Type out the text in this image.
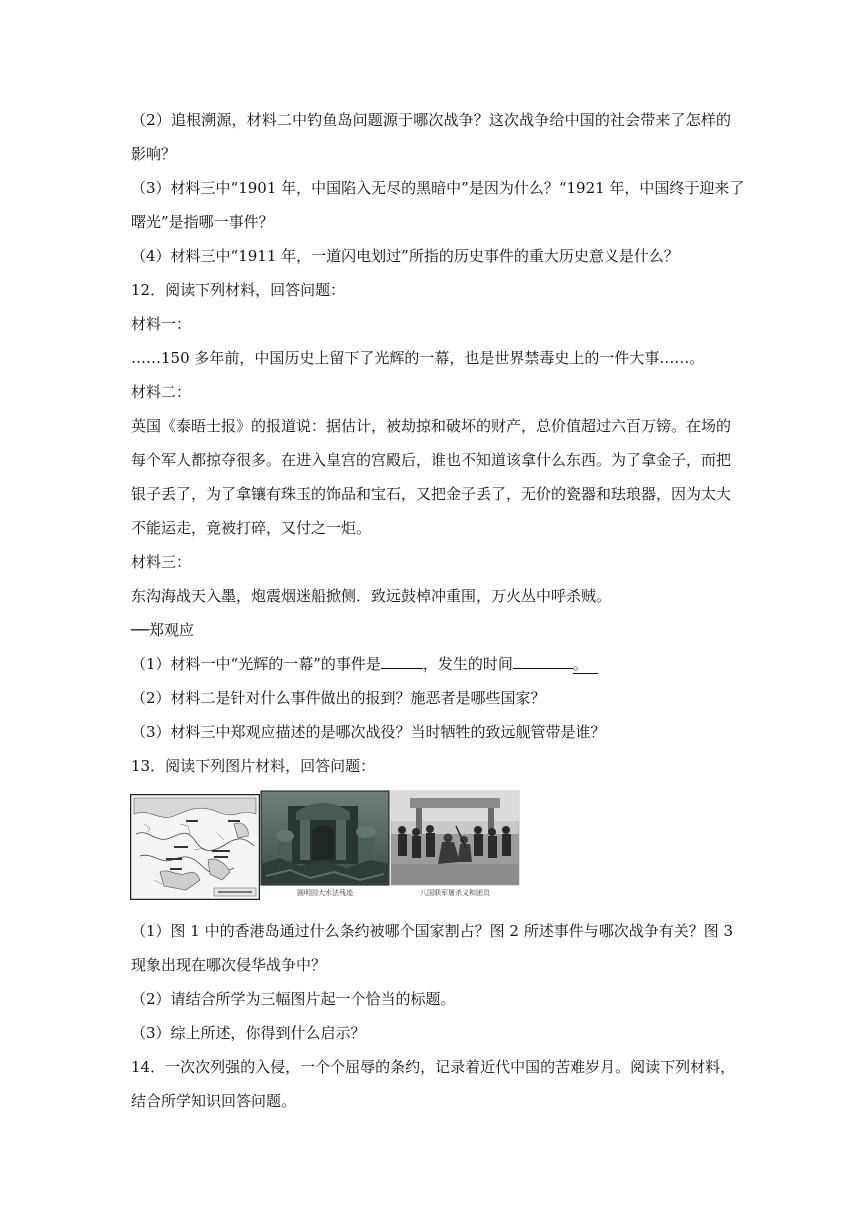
（2）追根溯源，材料二中钓鱼岛问题源于哪次战争？这次战争给中国的社会带来了怎样的
影响？
（3）材料三中“1901 年，中国陷入无尽的黑暗中”是因为什么？“1921 年，中国终于迎来了
曙光”是指哪一事件？
（4）材料三中“1911 年，一道闪电划过”所指的历史事件的重大历史意义是什么？
12．阅读下列材料，回答问题：
材料一：
……150 多年前，中国历史上留下了光辉的一幕，也是世界禁毒史上的一件大事……。
材料二：
英国《泰晤士报》的报道说：据估计，被劫掠和破坏的财产，总价值超过六百万镑。在场的
每个军人都掠夺很多。在进入皇宫的宫殿后，谁也不知道该拿什么东西。为了拿金子，而把
银子丢了，为了拿镶有珠玉的饰品和宝石，又把金子丢了，无价的瓷器和珐琅器，因为太大
不能运走，竟被打碎，又付之一炬。
材料三：
东沟海战天入墨，炮震烟迷船掀侧．致远鼓棹冲重围，万火丛中呼杀贼。
──郑观应
（1）材料一中“光辉的一幕”的事件是	，发生的时间	。
（2）材料二是针对什么事件做出的报到？施恶者是哪些国家？
（3）材料三中郑观应描述的是哪次战役？当时牺牲的致远舰管带是谁？
13．阅读下列图片材料，回答问题：
圆明园大水法残迹	八国联军屠杀义和团员
（1）图 1 中的香港岛通过什么条约被哪个国家割占？图 2 所述事件与哪次战争有关？图 3
现象出现在哪次侵华战争中？
（2）请结合所学为三幅图片起一个恰当的标题。
（3）综上所述，你得到什么启示？
14．一次次列强的入侵，一个个屈辱的条约，记录着近代中国的苦难岁月。阅读下列材料，
结合所学知识回答问题。
